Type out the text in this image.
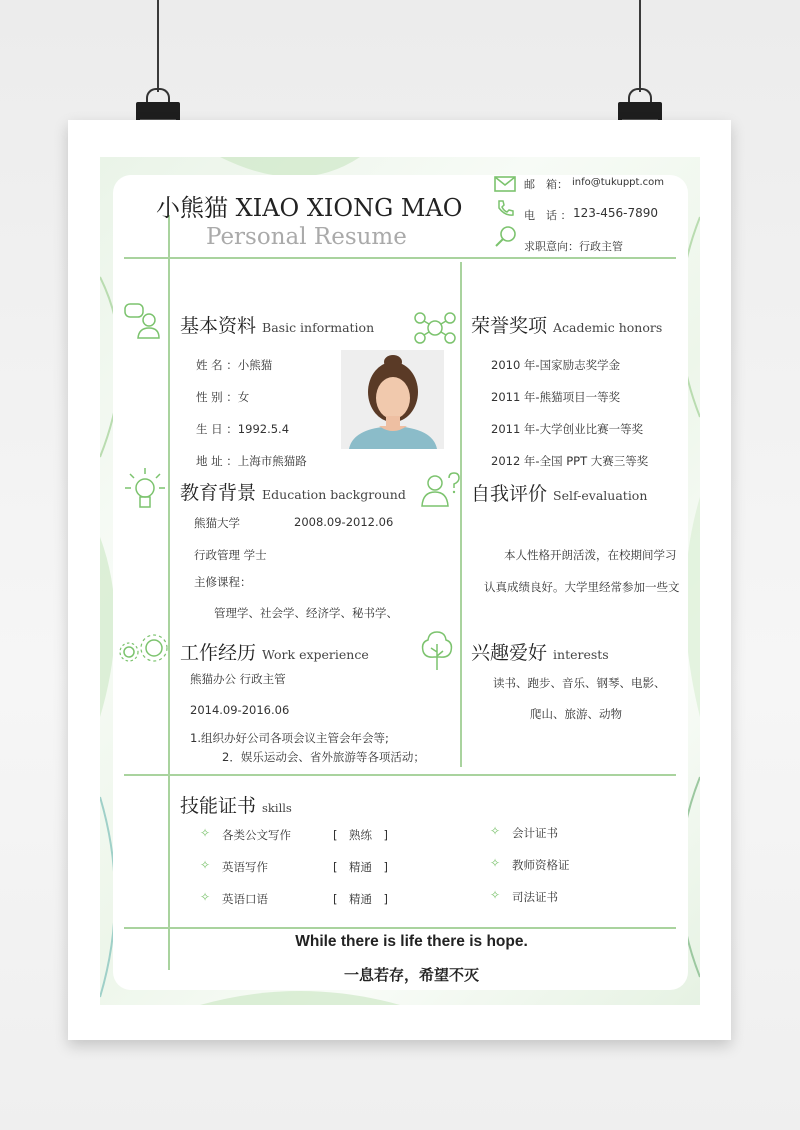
小熊猫 XIAO XIONG MAO
Personal Resume
邮　箱： info@tukuppt.com
电　话 ： 123-456-7890
求职意向：行政主管
基本资料 Basic information
姓 名 ：小熊猫
性 别 ：女
生 日 ：1992.5.4
地 址 ：上海市熊猫路
荣誉奖项 Academic honors
2010 年-国家励志奖学金
2011 年-熊猫项目一等奖
2011 年-大学创业比赛一等奖
2012 年-全国 PPT 大赛三等奖
教育背景 Education background
熊猫大学	2008.09-2012.06
行政管理 学士
主修课程：
管理学、社会学、经济学、秘书学、
自我评价 Self-evaluation
本人性格开朗活泼，在校期间学习
认真成绩良好。大学里经常参加一些文
工作经历 Work experience
熊猫办公 行政主管
2014.09-2016.06
1.组织办好公司各项会议主管会年会等;
2．娱乐运动会、省外旅游等各项活动；
兴趣爱好 interests
读书、跑步、音乐、钢琴、电影、
爬山、旅游、动物
技能证书 skills
✧ 各类公文写作	[　熟练　]
✧ 英语写作	[　精通　]
✧ 英语口语	[　精通　]
✧ 会计证书
✧ 教师资格证
✧ 司法证书
While there is life there is hope.
一息若存，希望不灭
